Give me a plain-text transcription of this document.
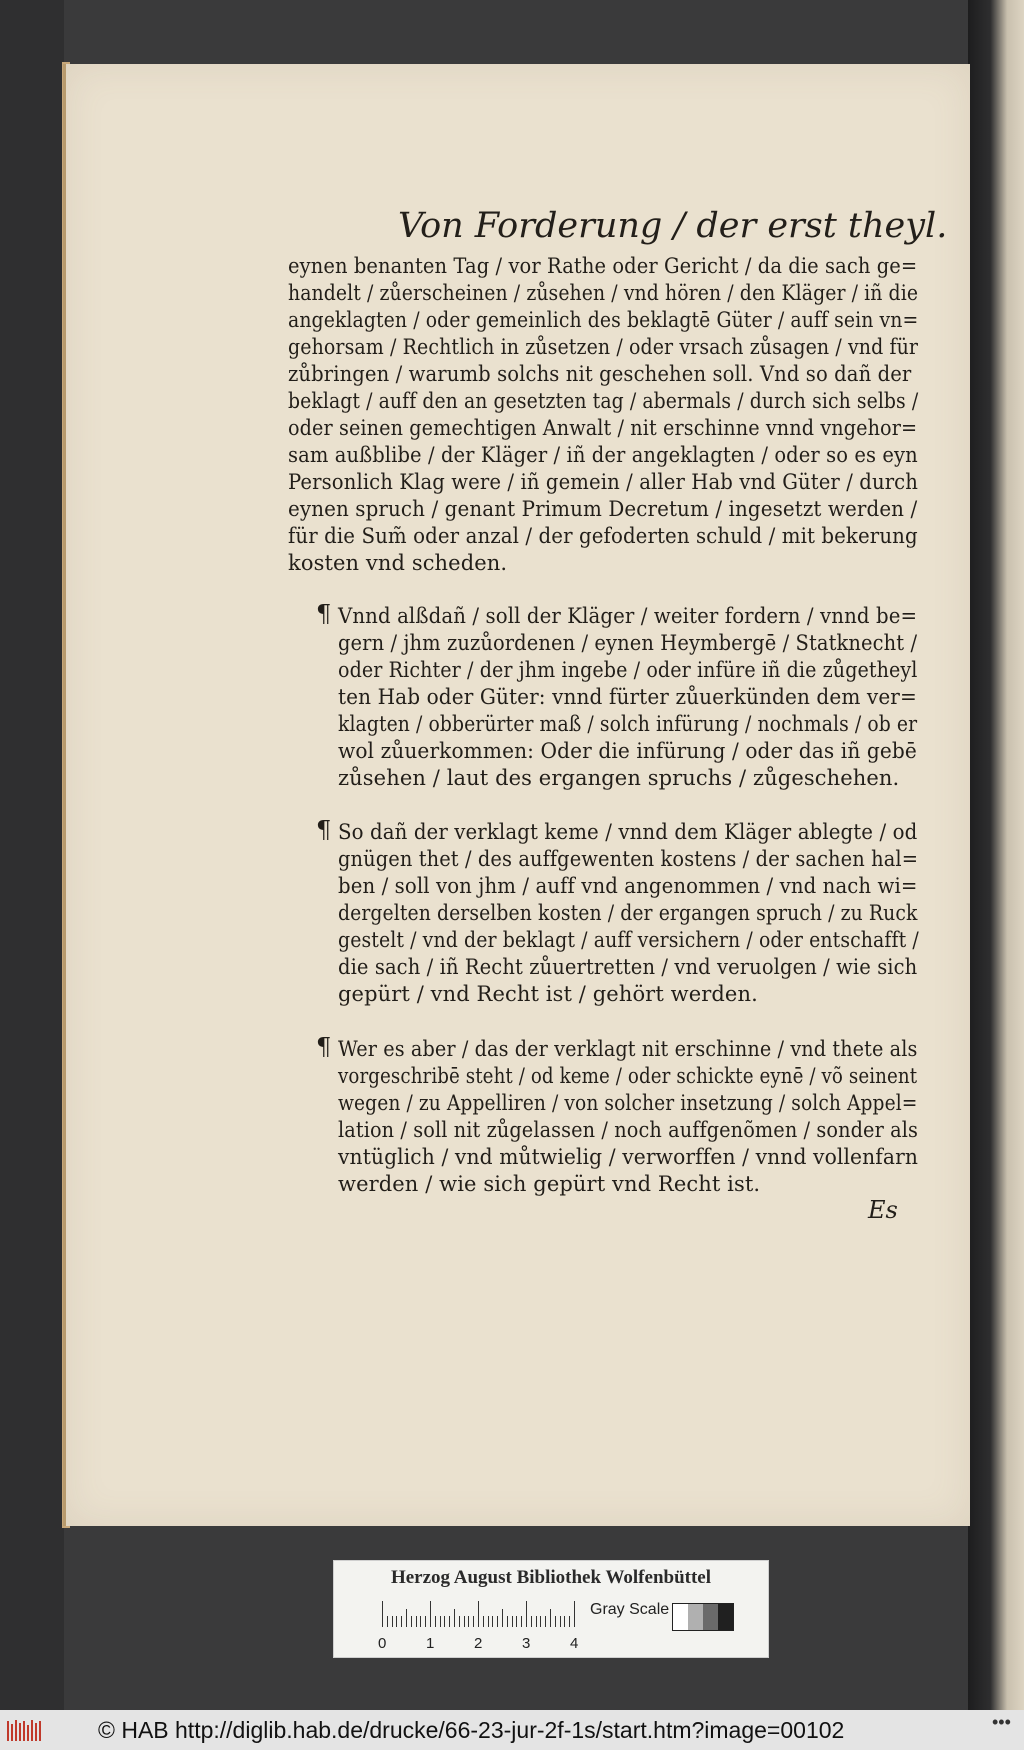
Von Forderung / der erst theyl.
eynen benanten Tag / vor Rathe oder Gericht / da die sach ge=
handelt / zůerscheinen / zůsehen / vnd hören / den Kläger / iñ die
angeklagten / oder gemeinlich des beklagtē Güter / auff sein vn=
gehorsam / Rechtlich in zůsetzen / oder vrsach zůsagen / vnd für
zůbringen / warumb solchs nit geschehen soll. Vnd so dañ der
beklagt / auff den an gesetzten tag / abermals / durch sich selbs /
oder seinen gemechtigen Anwalt / nit erschinne vnnd vngehor=
sam außblibe / der Kläger / iñ der angeklagten / oder so es eyn
Personlich Klag were / iñ gemein / aller Hab vnd Güter / durch
eynen spruch / genant Primum Decretum / ingesetzt werden /
für die Sum̃ oder anzal / der gefoderten schuld / mit bekerung
kosten vnd scheden.
¶ Vnnd alßdañ / soll der Kläger / weiter fordern / vnnd be=
gern / jhm zuzůordenen / eynen Heymbergē / Statknecht /
oder Richter / der jhm ingebe / oder infüre iñ die zůgetheyl
ten Hab oder Güter: vnnd fürter zůuerkünden dem ver=
klagten / obberürter maß / solch infürung / nochmals / ob er
wol zůuerkommen: Oder die infürung / oder das iñ gebē
zůsehen / laut des ergangen spruchs / zůgeschehen.
¶ So dañ der verklagt keme / vnnd dem Kläger ablegte / od
gnügen thet / des auffgewenten kostens / der sachen hal=
ben / soll von jhm / auff vnd angenommen / vnd nach wi=
dergelten derselben kosten / der ergangen spruch / zu Ruck
gestelt / vnd der beklagt / auff versichern / oder entschafft /
die sach / iñ Recht zůuertretten / vnd veruolgen / wie sich
gepürt / vnd Recht ist / gehört werden.
¶ Wer es aber / das der verklagt nit erschinne / vnd thete als
vorgeschribē steht / od keme / oder schickte eynē / võ seinent
wegen / zu Appelliren / von solcher insetzung / solch Appel=
lation / soll nit zůgelassen / noch auffgenõmen / sonder als
vntüglich / vnd můtwielig / verworffen / vnnd vollenfarn
werden / wie sich gepürt vnd Recht ist.
Es
Herzog August Bibliothek Wolfenbüttel
0	1	2	3	4
Gray Scale
© HAB http://diglib.hab.de/drucke/66-23-jur-2f-1s/start.htm?image=00102	•••
